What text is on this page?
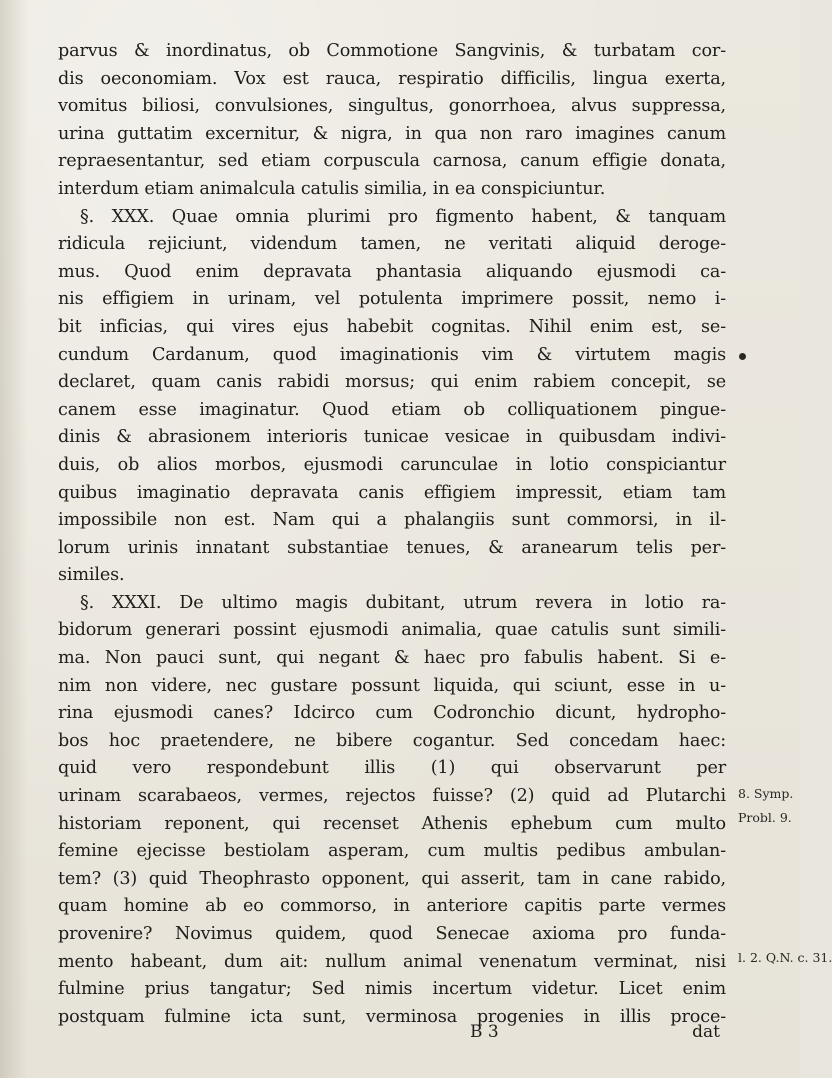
parvus & inordinatus, ob Commotione Sangvinis, & turbatam cor-
dis oeconomiam. Vox est rauca, respiratio difficilis, lingua exerta,
vomitus biliosi, convulsiones, singultus, gonorrhoea, alvus suppressa,
urina guttatim excernitur, & nigra, in qua non raro imagines canum
repraesentantur, sed etiam corpuscula carnosa, canum effigie donata,
interdum etiam animalcula catulis similia, in ea conspiciuntur.
§. XXX. Quae omnia plurimi pro figmento habent, & tanquam
ridicula rejiciunt, videndum tamen, ne veritati aliquid deroge-
mus. Quod enim depravata phantasia aliquando ejusmodi ca-
nis effigiem in urinam, vel potulenta imprimere possit, nemo i-
bit inficias, qui vires ejus habebit cognitas. Nihil enim est, se-
cundum Cardanum, quod imaginationis vim & virtutem magis
declaret, quam canis rabidi morsus; qui enim rabiem concepit, se
canem esse imaginatur. Quod etiam ob colliquationem pingue-
dinis & abrasionem interioris tunicae vesicae in quibusdam indivi-
duis, ob alios morbos, ejusmodi carunculae in lotio conspiciantur
quibus imaginatio depravata canis effigiem impressit, etiam tam
impossibile non est. Nam qui a phalangiis sunt commorsi, in il-
lorum urinis innatant substantiae tenues, & aranearum telis per-
similes.
§. XXXI. De ultimo magis dubitant, utrum revera in lotio ra-
bidorum generari possint ejusmodi animalia, quae catulis sunt simili-
ma. Non pauci sunt, qui negant & haec pro fabulis habent. Si e-
nim non videre, nec gustare possunt liquida, qui sciunt, esse in u-
rina ejusmodi canes? Idcirco cum Codronchio dicunt, hydropho-
bos hoc praetendere, ne bibere cogantur. Sed concedam haec:
quid vero respondebunt illis (1) qui observarunt per
urinam scarabaeos, vermes, rejectos fuisse? (2) quid ad Plutarchi
historiam reponent, qui recenset Athenis ephebum cum multo
femine ejecisse bestiolam asperam, cum multis pedibus ambulan-
tem? (3) quid Theophrasto opponent, qui asserit, tam in cane rabido,
quam homine ab eo commorso, in anteriore capitis parte vermes
provenire? Novimus quidem, quod Senecae axioma pro funda-
mento habeant, dum ait: nullum animal venenatum verminat, nisi
fulmine prius tangatur; Sed nimis incertum videtur. Licet enim
postquam fulmine icta sunt, verminosa progenies in illis proce-
8. Symp.
Probl. 9.
l. 2. Q.N. c. 31.
B 3	dat
